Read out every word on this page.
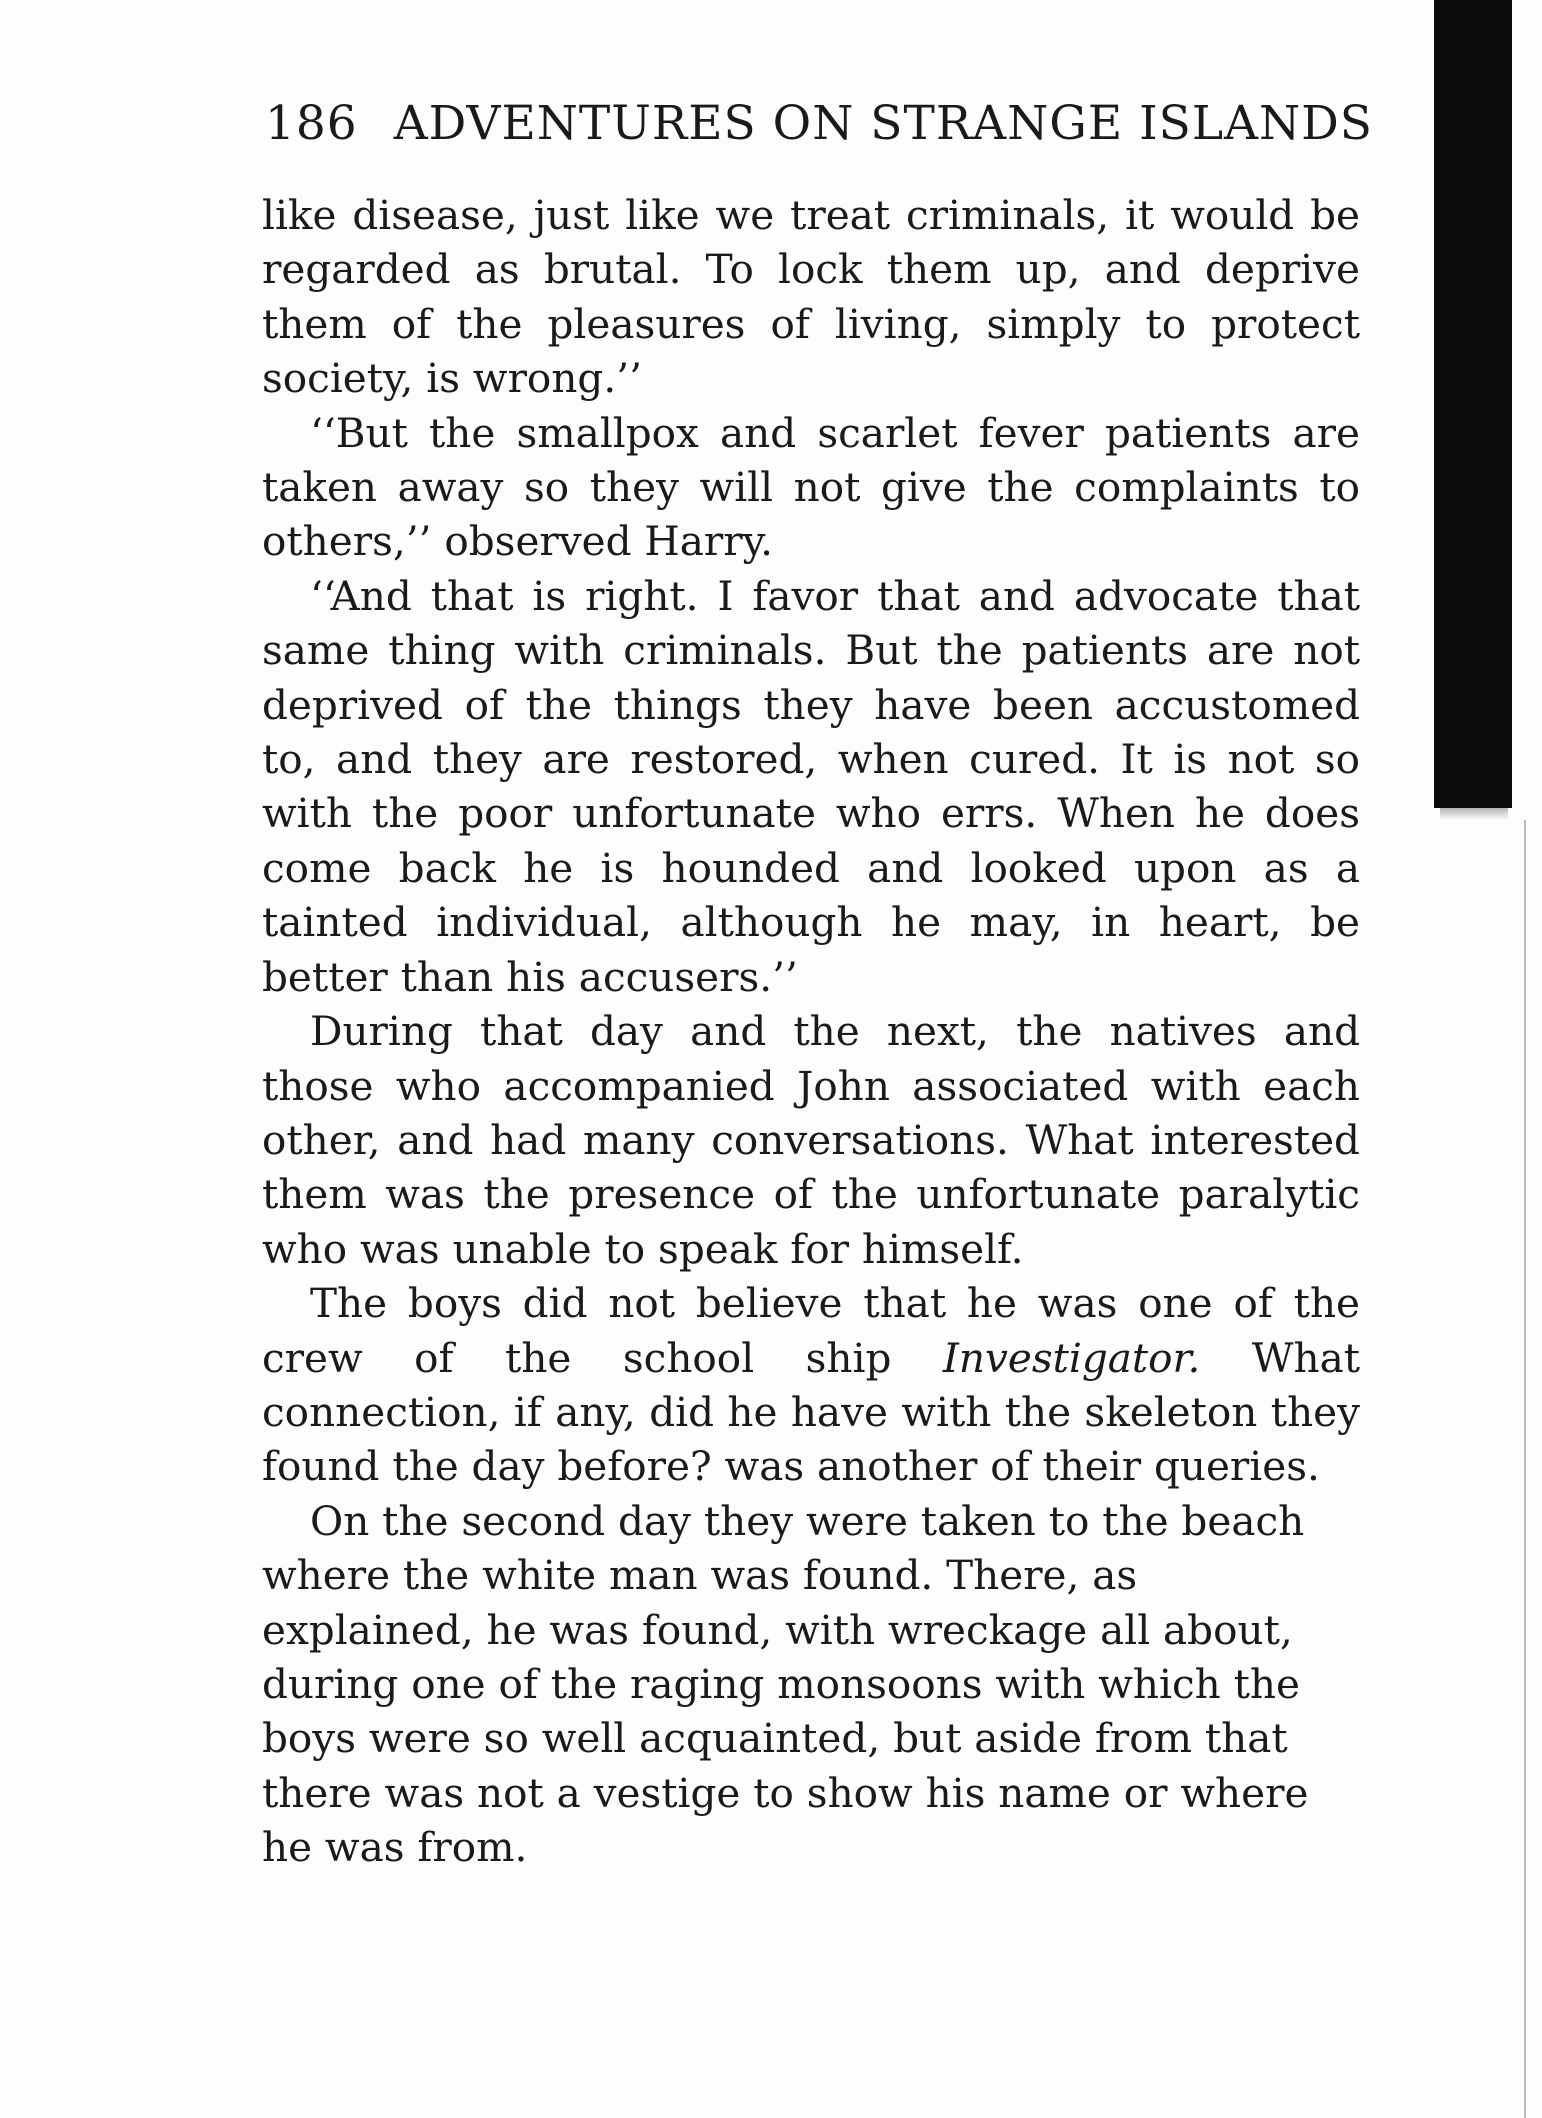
186 ADVENTURES ON STRANGE ISLANDS

like disease, just like we treat criminals, it would be regarded as brutal. To lock them up, and deprive them of the pleasures of living, simply to protect society, is wrong.’’

‘‘But the smallpox and scarlet fever patients are taken away so they will not give the complaints to others,’’ observed Harry.

‘‘And that is right. I favor that and advocate that same thing with criminals. But the patients are not deprived of the things they have been accustomed to, and they are restored, when cured. It is not so with the poor unfortunate who errs. When he does come back he is hounded and looked upon as a tainted individual, although he may, in heart, be better than his accusers.’’

During that day and the next, the natives and those who accompanied John associated with each other, and had many conversations. What interested them was the presence of the unfortunate paralytic who was unable to speak for himself.

The boys did not believe that he was one of the crew of the school ship Investigator. What connection, if any, did he have with the skeleton they found the day before? was another of their queries.

On the second day they were taken to the beach where the white man was found. There, as explained, he was found, with wreckage all about, during one of the raging monsoons with which the boys were so well acquainted, but aside from that there was not a vestige to show his name or where he was from.
